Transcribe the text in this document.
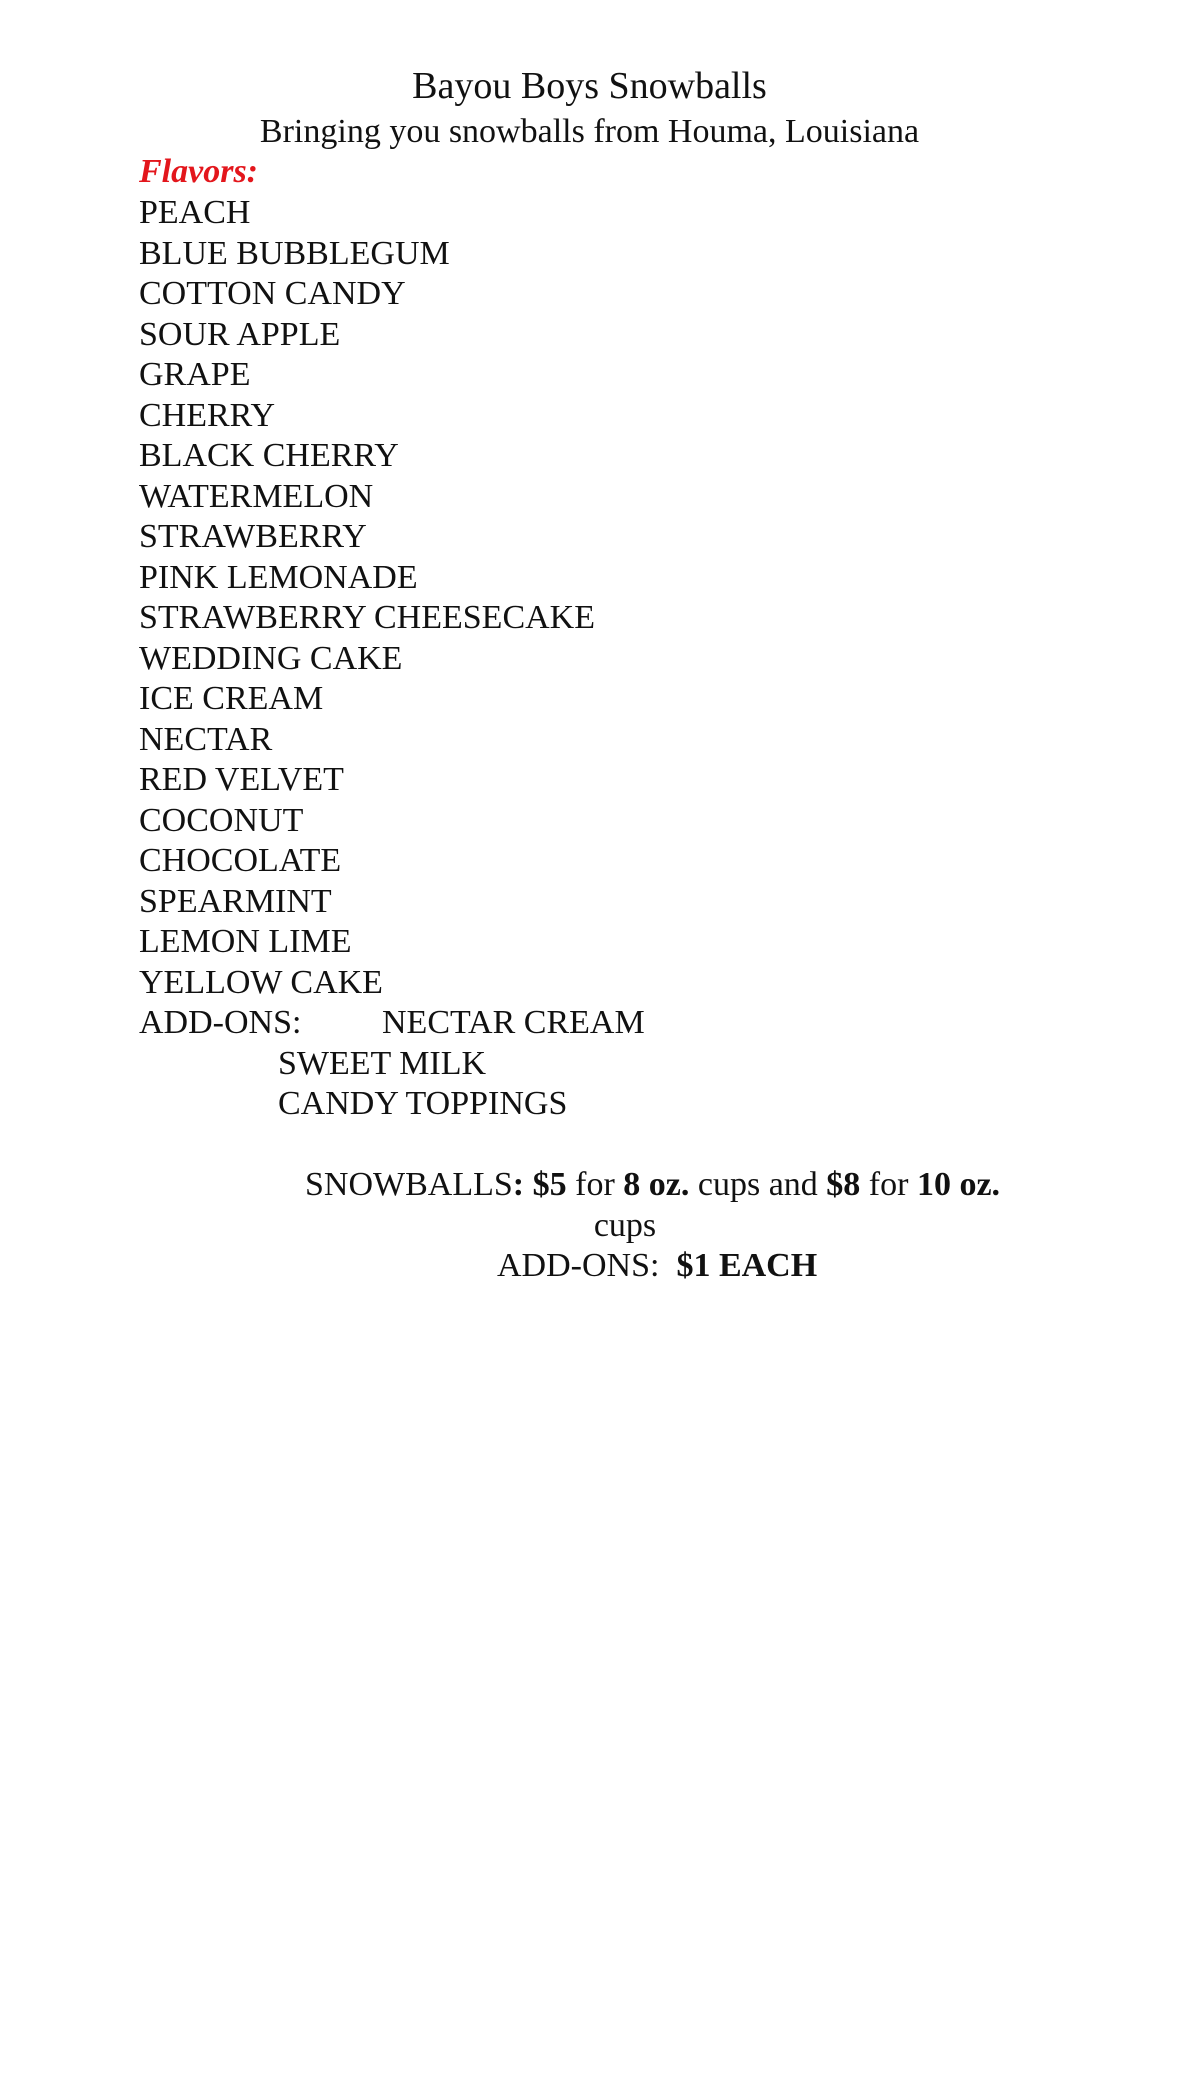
Bayou Boys Snowballs

Bringing you snowballs from Houma, Louisiana

Flavors:

PEACH
BLUE BUBBLEGUM
COTTON CANDY
SOUR APPLE
GRAPE
CHERRY
BLACK CHERRY
WATERMELON
STRAWBERRY
PINK LEMONADE
STRAWBERRY CHEESECAKE
WEDDING CAKE
ICE CREAM
NECTAR
RED VELVET
COCONUT
CHOCOLATE
SPEARMINT
LEMON LIME
YELLOW CAKE
ADD-ONS: NECTAR CREAM
SWEET MILK
CANDY TOPPINGS
SNOWBALLS: $5 for 8 oz. cups and $8 for 10 oz.
cups
ADD-ONS: $1 EACH
